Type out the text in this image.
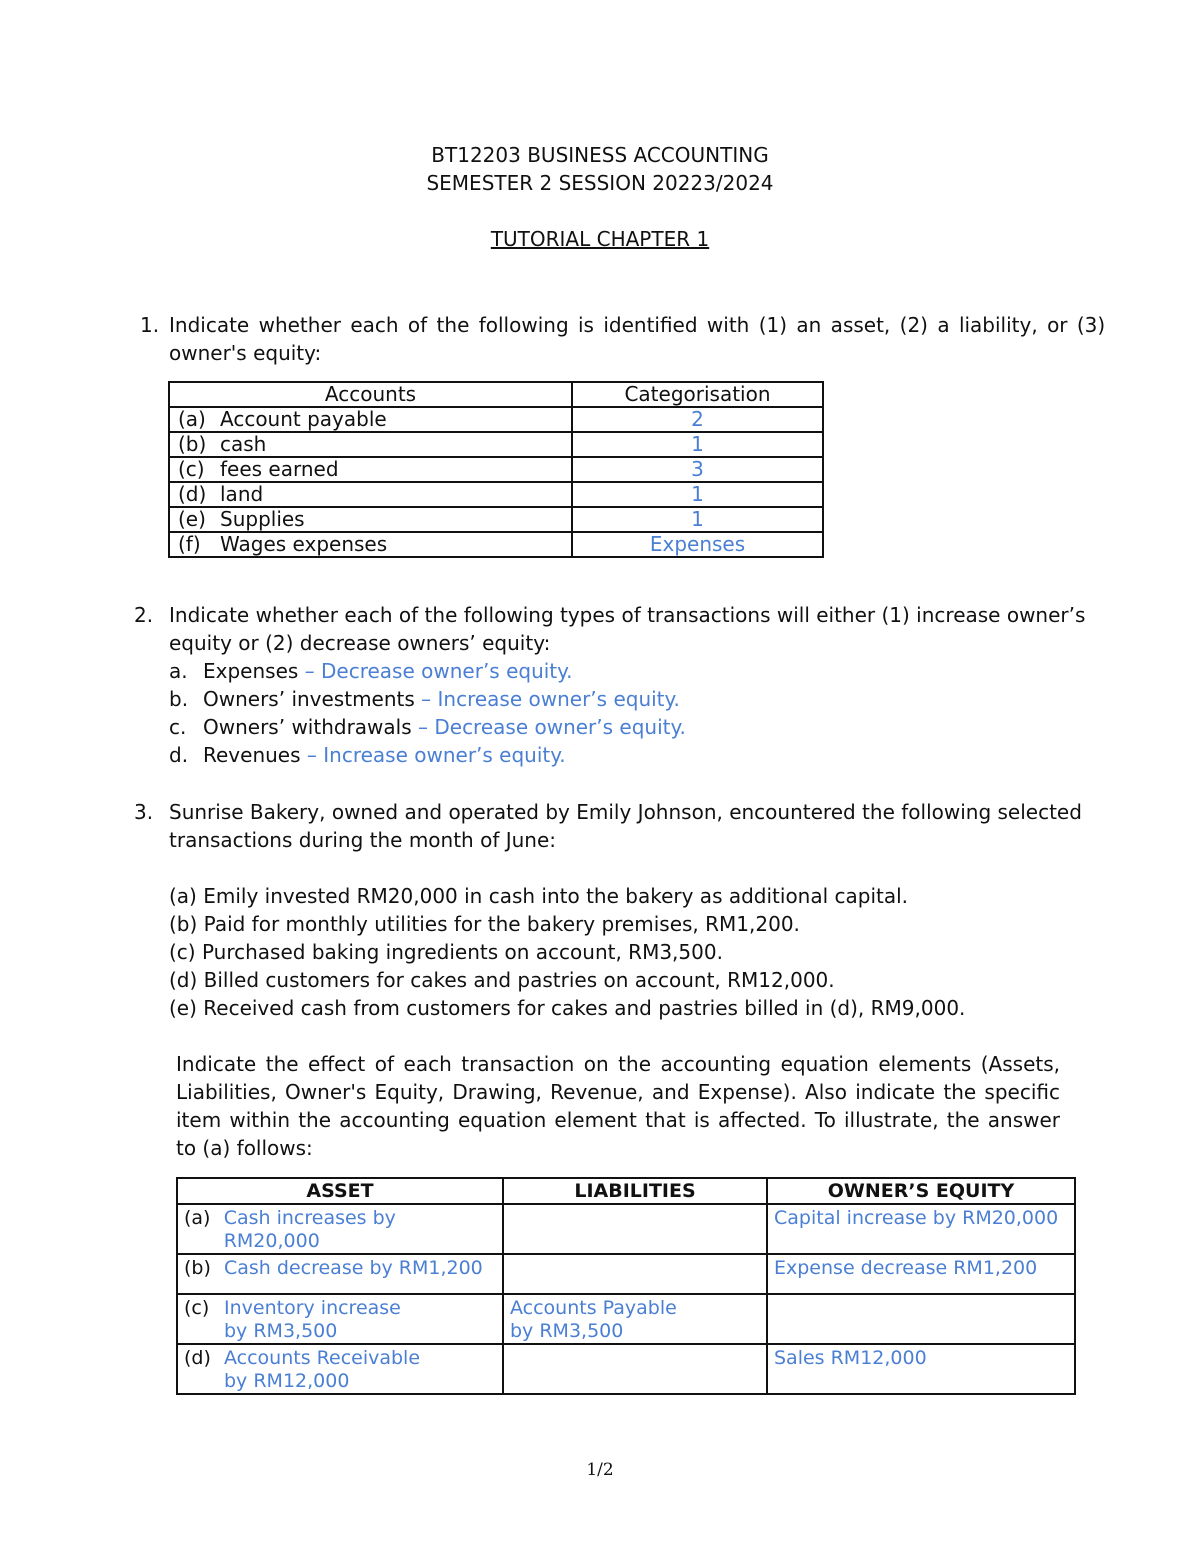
BT12203 BUSINESS ACCOUNTING
SEMESTER 2 SESSION 20223/2024
TUTORIAL CHAPTER 1
1. Indicate whether each of the following is identified with (1) an asset, (2) a liability, or (3)
owner's equity:
Accounts	Categorisation
(a) Account payable	2
(b) cash	1
(c) fees earned	3
(d) land	1
(e) Supplies	1
(f) Wages expenses	Expenses
2. Indicate whether each of the following types of transactions will either (1) increase owner’s
equity or (2) decrease owners’ equity:
a. Expenses – Decrease owner’s equity.
b. Owners’ investments – Increase owner’s equity.
c. Owners’ withdrawals – Decrease owner’s equity.
d. Revenues – Increase owner’s equity.
3. Sunrise Bakery, owned and operated by Emily Johnson, encountered the following selected
transactions during the month of June:
(a) Emily invested RM20,000 in cash into the bakery as additional capital.
(b) Paid for monthly utilities for the bakery premises, RM1,200.
(c) Purchased baking ingredients on account, RM3,500.
(d) Billed customers for cakes and pastries on account, RM12,000.
(e) Received cash from customers for cakes and pastries billed in (d), RM9,000.
Indicate the effect of each transaction on the accounting equation elements (Assets, Liabilities, Owner's Equity, Drawing, Revenue, and Expense). Also indicate the specific item within the accounting equation element that is affected. To illustrate, the answer to (a) follows:
ASSET	LIABILITIES	OWNER’S EQUITY

(a) Cash increases by RM20,000		Capital increase by RM20,000

(b) Cash decrease by RM1,200		Expense decrease RM1,200

(c) Inventory increase by RM3,500	Accounts Payable by RM3,500	

(d) Accounts Receivable by RM12,000		Sales RM12,000
1/2
